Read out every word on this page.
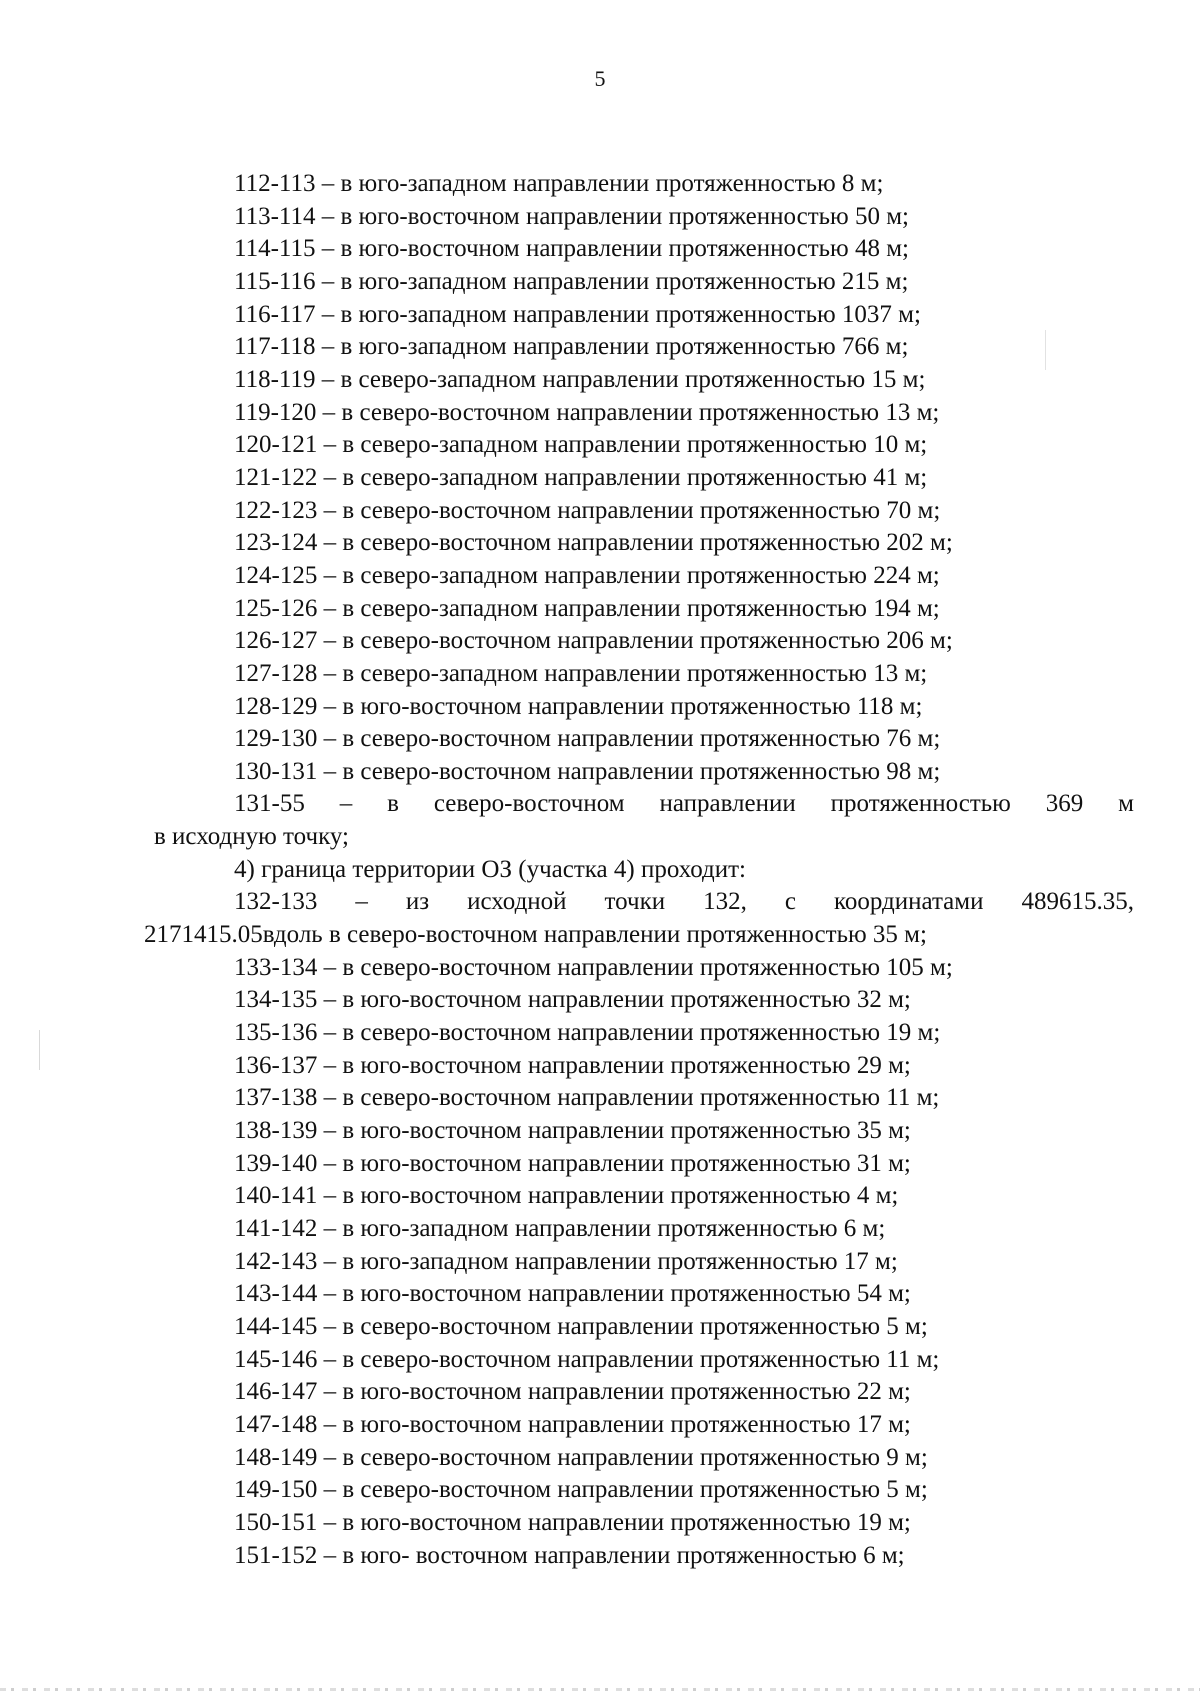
5
112-113 – в юго-западном направлении протяженностью 8 м;
113-114 – в юго-восточном направлении протяженностью 50 м;
114-115 – в юго-восточном направлении протяженностью 48 м;
115-116 – в юго-западном направлении протяженностью 215 м;
116-117 – в юго-западном направлении протяженностью 1037 м;
117-118 – в юго-западном направлении протяженностью 766 м;
118-119 – в северо-западном направлении протяженностью 15 м;
119-120 – в северо-восточном направлении протяженностью 13 м;
120-121 – в северо-западном направлении протяженностью 10 м;
121-122 – в северо-западном направлении протяженностью 41 м;
122-123 – в северо-восточном направлении протяженностью 70 м;
123-124 – в северо-восточном направлении протяженностью 202 м;
124-125 – в северо-западном направлении протяженностью 224 м;
125-126 – в северо-западном направлении протяженностью 194 м;
126-127 – в северо-восточном направлении протяженностью 206 м;
127-128 – в северо-западном направлении протяженностью 13 м;
128-129 – в юго-восточном направлении протяженностью 118 м;
129-130 – в северо-восточном направлении протяженностью 76 м;
130-131 – в северо-восточном направлении протяженностью 98 м;
131-55 – в северо-восточном направлении протяженностью 369 м
в исходную точку;
4) граница территории ОЗ (участка 4) проходит:
132-133 – из исходной точки 132, с координатами 489615.35,
2171415.05вдоль в северо-восточном направлении протяженностью 35 м;
133-134 – в северо-восточном направлении протяженностью 105 м;
134-135 – в юго-восточном направлении протяженностью 32 м;
135-136 – в северо-восточном направлении протяженностью 19 м;
136-137 – в юго-восточном направлении протяженностью 29 м;
137-138 – в северо-восточном направлении протяженностью 11 м;
138-139 – в юго-восточном направлении протяженностью 35 м;
139-140 – в юго-восточном направлении протяженностью 31 м;
140-141 – в юго-восточном направлении протяженностью 4 м;
141-142 – в юго-западном направлении протяженностью 6 м;
142-143 – в юго-западном направлении протяженностью 17 м;
143-144 – в юго-восточном направлении протяженностью 54 м;
144-145 – в северо-восточном направлении протяженностью 5 м;
145-146 – в северо-восточном направлении протяженностью 11 м;
146-147 – в юго-восточном направлении протяженностью 22 м;
147-148 – в юго-восточном направлении протяженностью 17 м;
148-149 – в северо-восточном направлении протяженностью 9 м;
149-150 – в северо-восточном направлении протяженностью 5 м;
150-151 – в юго-восточном направлении протяженностью 19 м;
151-152 – в юго- восточном направлении протяженностью 6 м;
